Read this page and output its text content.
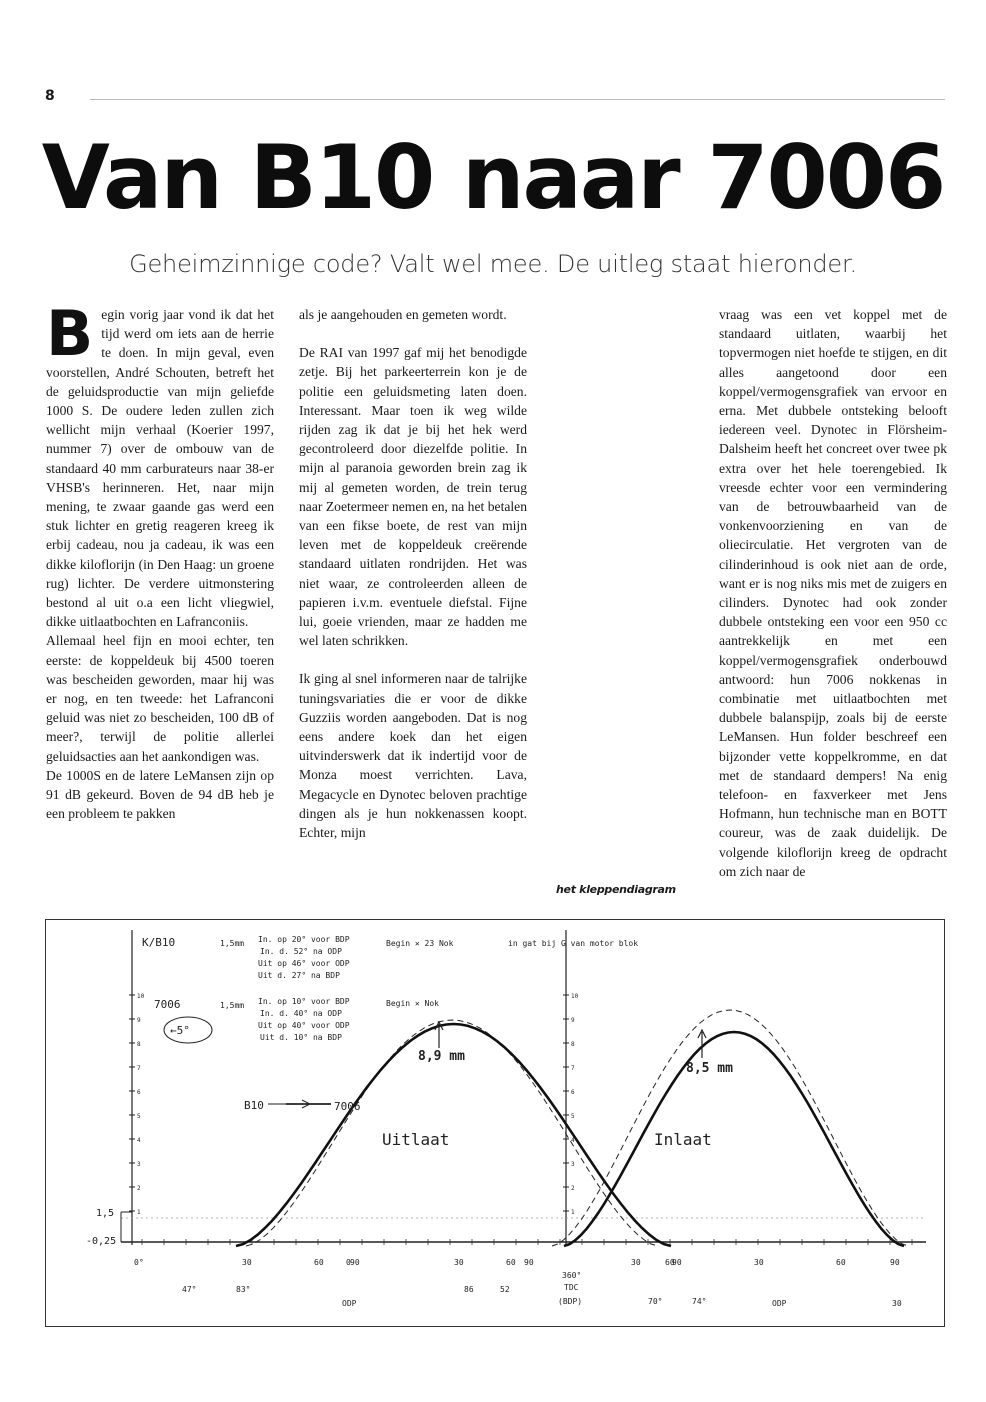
8
Van B10 naar 7006
Geheimzinnige code? Valt wel mee. De uitleg staat hieronder.

Begin vorig jaar vond ik dat het tijd werd om iets aan de herrie te doen. In mijn geval, even voorstellen, André Schouten, betreft het de geluidsproductie van mijn geliefde 1000 S. De oudere leden zullen zich wellicht mijn verhaal (Koerier 1997, nummer 7) over de ombouw van de standaard 40 mm carburateurs naar 38-er VHSB's herinneren. Het, naar mijn mening, te zwaar gaande gas werd een stuk lichter en gretig reageren kreeg ik erbij cadeau, nou ja cadeau, ik was een dikke kiloflorijn (in Den Haag: un groene rug) lichter. De verdere uitmonstering bestond al uit o.a een licht vliegwiel, dikke uitlaatbochten en Lafranconiis.

Allemaal heel fijn en mooi echter, ten eerste: de koppeldeuk bij 4500 toeren was bescheiden geworden, maar hij was er nog, en ten tweede: het Lafranconi geluid was niet zo bescheiden, 100 dB of meer?, terwijl de politie allerlei geluidsacties aan het aankondigen was.

De 1000S en de latere LeMansen zijn op 91 dB gekeurd. Boven de 94 dB heb je een probleem te pakken

als je aangehouden en gemeten wordt.

De RAI van 1997 gaf mij het benodigde zetje. Bij het parkeerterrein kon je de politie een geluidsmeting laten doen. Interessant. Maar toen ik weg wilde rijden zag ik dat je bij het hek werd gecontroleerd door diezelfde politie. In mijn al paranoia geworden brein zag ik mij al gemeten worden, de trein terug naar Zoetermeer nemen en, na het betalen van een fikse boete, de rest van mijn leven met de koppeldeuk creërende standaard uitlaten rondrijden. Het was niet waar, ze controleerden alleen de papieren i.v.m. eventuele diefstal. Fijne lui, goeie vrienden, maar ze hadden me wel laten schrikken.

Ik ging al snel informeren naar de talrijke tuningsvariaties die er voor de dikke Guzziis worden aangeboden. Dat is nog eens andere koek dan het eigen uitvinderswerk dat ik indertijd voor de Monza moest verrichten. Lava, Megacycle en Dynotec beloven prachtige dingen als je hun nokkenassen koopt. Echter, mijn

het kleppendiagram

vraag was een vet koppel met de standaard uitlaten, waarbij het topvermogen niet hoefde te stijgen, en dit alles aangetoond door een koppel/vermogensgrafiek van ervoor en erna. Met dubbele ontsteking belooft iedereen veel. Dynotec in Flörsheim-Dalsheim heeft het concreet over twee pk extra over het hele toerengebied. Ik vreesde echter voor een vermindering van de betrouwbaarheid van de vonkenvoorziening en van de oliecirculatie. Het vergroten van de cilinderinhoud is ook niet aan de orde, want er is nog niks mis met de zuigers en cilinders. Dynotec had ook zonder dubbele ontsteking een voor een 950 cc aantrekkelijk en met een koppel/vermogensgrafiek onderbouwd antwoord: hun 7006 nokkenas in combinatie met uitlaatbochten met dubbele balanspijp, zoals bij de eerste LeMansen. Hun folder beschreef een bijzonder vette koppelkromme, en dat met de standaard dempers! Na enig telefoon- en faxverkeer met Jens Hofmann, hun technische man en BOTT coureur, was de zaak duidelijk. De volgende kiloflorijn kreeg de opdracht om zich naar de

10	10
9	9
8	8
7	7
6	6
5	5
4	4
3	3
2	2
1	1
0°	30	60	90
0	30	60 90
360°
TDC
(BDP)
30	60
90	30	60	90
47°	83°
ODP
86	52
70°	74°	ODP	30
K/B10	1,5mm In. op 20° voor BDP
In. d. 52° na ODP
Uit op 46° voor ODP
Uit d. 27° na BDP
Begin ✕ 23 Nok	in gat bij G van motor blok
7006	1,5mm
←5°
In. op 10° voor BDP
In. d. 40° na ODP
Uit op 40° voor ODP
Uit d. 10° na BDP
Begin ✕ Nok
8,9 mm
8,5 mm
Uitlaat	Inlaat
B10	7006
1,5
-0,25
